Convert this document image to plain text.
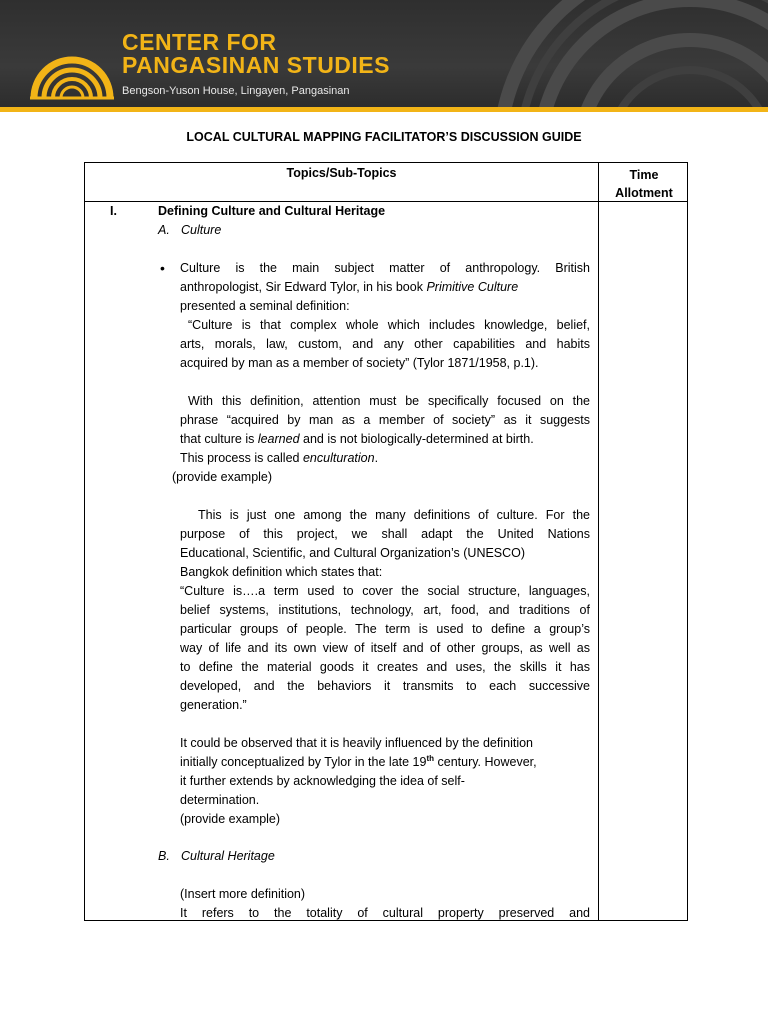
CENTER FOR
PANGASINAN STUDIES
Bengson-Yuson House, Lingayen, Pangasinan
LOCAL CULTURAL MAPPING FACILITATOR’S DISCUSSION GUIDE
Topics/Sub-Topics	Time
Allotment
I.	Defining Culture and Cultural Heritage
A. Culture
• Culture is the main subject matter of anthropology. British
anthropologist, Sir Edward Tylor, in his book Primitive Culture
presented a seminal definition:
“Culture is that complex whole which includes knowledge, belief,
arts, morals, law, custom, and any other capabilities and habits
acquired by man as a member of society” (Tylor 1871/1958, p.1).
With this definition, attention must be specifically focused on the
phrase “acquired by man as a member of society” as it suggests
that culture is learned and is not biologically-determined at birth.
This process is called enculturation.
(provide example)
This is just one among the many definitions of culture. For the
purpose of this project, we shall adapt the United Nations
Educational, Scientific, and Cultural Organization’s (UNESCO)
Bangkok definition which states that:
“Culture is….a term used to cover the social structure, languages,
belief systems, institutions, technology, art, food, and traditions of
particular groups of people. The term is used to define a group’s
way of life and its own view of itself and of other groups, as well as
to define the material goods it creates and uses, the skills it has
developed, and the behaviors it transmits to each successive
generation.”
It could be observed that it is heavily influenced by the definition
initially conceptualized by Tylor in the late 19th century. However,
it further extends by acknowledging the idea of self-
determination.
(provide example)
B. Cultural Heritage
(Insert more definition)
It refers to the totality of cultural property preserved and
